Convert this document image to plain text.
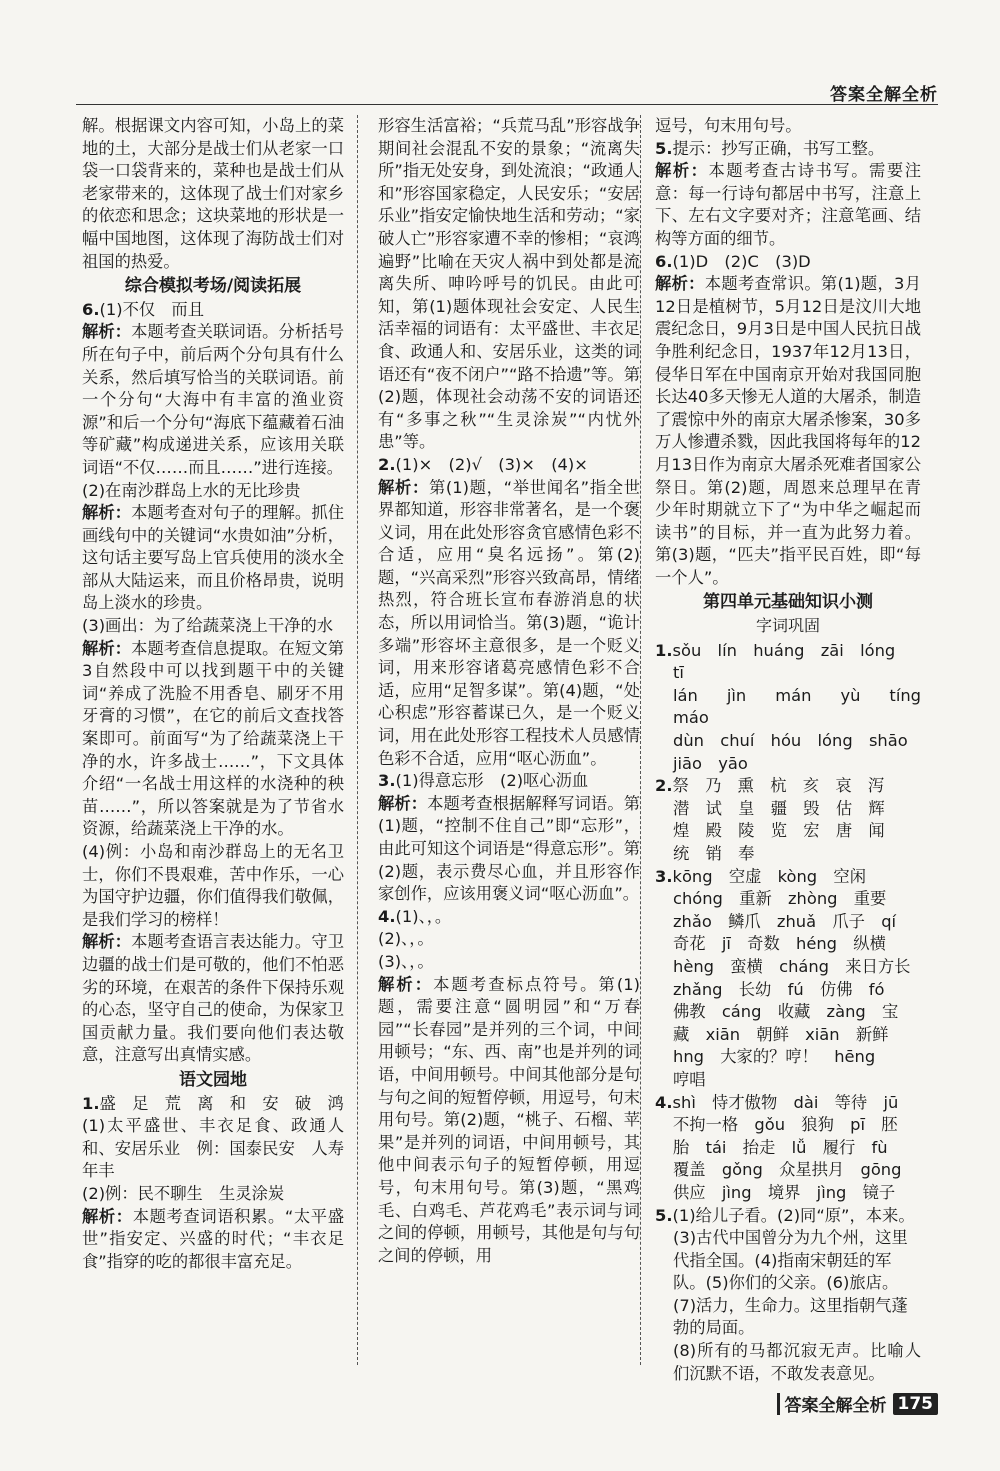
答案全解全析

解。根据课文内容可知，小岛上的菜地的土，大部分是战士们从老家一口袋一口袋背来的，菜种也是战士们从老家带来的，这体现了战士们对家乡的依恋和思念；这块菜地的形状是一幅中国地图，这体现了海防战士们对祖国的热爱。

综合模拟考场/阅读拓展

6.(1)不仅　而且

解析：本题考查关联词语。分析括号所在句子中，前后两个分句具有什么关系，然后填写恰当的关联词语。前一个分句“大海中有丰富的渔业资源”和后一个分句“海底下蕴藏着石油等矿藏”构成递进关系，应该用关联词语“不仅……而且……”进行连接。

(2)在南沙群岛上水的无比珍贵

解析：本题考查对句子的理解。抓住画线句中的关键词“水贵如油”分析，这句话主要写岛上官兵使用的淡水全部从大陆运来，而且价格昂贵，说明岛上淡水的珍贵。

(3)画出：为了给蔬菜浇上干净的水

解析：本题考查信息提取。在短文第3自然段中可以找到题干中的关键词“养成了洗脸不用香皂、刷牙不用牙膏的习惯”，在它的前后文查找答案即可。前面写“为了给蔬菜浇上干净的水，许多战士……”，下文具体介绍“一名战士用这样的水浇种的秧苗……”，所以答案就是为了节省水资源，给蔬菜浇上干净的水。

(4)例：小岛和南沙群岛上的无名卫士，你们不畏艰难，苦中作乐，一心为国守护边疆，你们值得我们敬佩，是我们学习的榜样！

解析：本题考查语言表达能力。守卫边疆的战士们是可敬的，他们不怕恶劣的环境，在艰苦的条件下保持乐观的心态，坚守自己的使命，为保家卫国贡献力量。我们要向他们表达敬意，注意写出真情实感。

语文园地

1.盛　足　荒　离　和　安　破　鸿

(1)太平盛世、丰衣足食、政通人和、安居乐业　例：国泰民安　人寿年丰

(2)例：民不聊生　生灵涂炭

解析：本题考查词语积累。“太平盛世”指安定、兴盛的时代；“丰衣足食”指穿的吃的都很丰富充足。

形容生活富裕；“兵荒马乱”形容战争期间社会混乱不安的景象；“流离失所”指无处安身，到处流浪；“政通人和”形容国家稳定，人民安乐；“安居乐业”指安定愉快地生活和劳动；“家破人亡”形容家遭不幸的惨相；“哀鸿遍野”比喻在天灾人祸中到处都是流离失所、呻吟呼号的饥民。由此可知，第(1)题体现社会安定、人民生活幸福的词语有：太平盛世、丰衣足食、政通人和、安居乐业，这类的词语还有“夜不闭户”“路不拾遗”等。第(2)题，体现社会动荡不安的词语还有“多事之秋”“生灵涂炭”“内忧外患”等。

2.(1)×　(2)√　(3)×　(4)×

解析：第(1)题，“举世闻名”指全世界都知道，形容非常著名，是一个褒义词，用在此处形容贪官感情色彩不合适，应用“臭名远扬”。第(2)题，“兴高采烈”形容兴致高昂，情绪热烈，符合班长宣布春游消息的状态，所以用词恰当。第(3)题，“诡计多端”形容坏主意很多，是一个贬义词，用来形容诸葛亮感情色彩不合适，应用“足智多谋”。第(4)题，“处心积虑”形容蓄谋已久，是一个贬义词，用在此处形容工程技术人员感情色彩不合适，应用“呕心沥血”。

3.(1)得意忘形　(2)呕心沥血

解析：本题考查根据解释写词语。第(1)题，“控制不住自己”即“忘形”，由此可知这个词语是“得意忘形”。第(2)题，表示费尽心血，并且形容作家创作，应该用褒义词“呕心沥血”。

4.(1)、，。

(2)、，。

(3)、，。

解析：本题考查标点符号。第(1)题，需要注意“圆明园”和“万春园”“长春园”是并列的三个词，中间用顿号；“东、西、南”也是并列的词语，中间用顿号。中间其他部分是句与句之间的短暂停顿，用逗号，句末用句号。第(2)题，“桃子、石榴、苹果”是并列的词语，中间用顿号，其他中间表示句子的短暂停顿，用逗号，句末用句号。第(3)题，“黑鸡毛、白鸡毛、芦花鸡毛”表示词与词之间的停顿，用顿号，其他是句与句之间的停顿，用

逗号，句末用句号。

5.提示：抄写正确，书写工整。

解析：本题考查古诗书写。需要注意：每一行诗句都居中书写，注意上下、左右文字要对齐；注意笔画、结构等方面的细节。

6.(1)D　(2)C　(3)D

解析：本题考查常识。第(1)题，3月12日是植树节，5月12日是汶川大地震纪念日，9月3日是中国人民抗日战争胜利纪念日，1937年12月13日，侵华日军在中国南京开始对我国同胞长达40多天惨无人道的大屠杀，制造了震惊中外的南京大屠杀惨案，30多万人惨遭杀戮，因此我国将每年的12月13日作为南京大屠杀死难者国家公祭日。第(2)题，周恩来总理早在青少年时期就立下了“为中华之崛起而读书”的目标，并一直为此努力着。第(3)题，“匹夫”指平民百姓，即“每一个人”。

第四单元基础知识小测
字词巩固

1.sǒu　lín　huáng　zāi　lóng　tī

lán　jìn　mán　yù　tíng　máo

dùn　chuí　hóu　lóng　shāo

jiāo　yāo

2.祭　乃　熏　杭　亥　哀　泻

潜　试　皇　疆　毁　估　辉

煌　殿　陵　览　宏　唐　闻

统　销　奉

3.kōng　空虚　kòng　空闲

chóng　重新　zhòng　重要

zhǎo　鳞爪　zhuǎ　爪子　qí

奇花　jī　奇数　héng　纵横

hèng　蛮横　cháng　来日方长

zhǎng　长幼　fú　仿佛　fó

佛教　cáng　收藏　zàng　宝

藏　xiān　朝鲜　xiān　新鲜

hng　大家的？哼！　hēng

哼唱

4.shì　恃才傲物　dài　等待　jū

不拘一格　gǒu　狼狗　pī　胚

胎　tái　抬走　lǚ　履行　fù

覆盖　gǒng　众星拱月　gōng

供应　jìng　境界　jìng　镜子

5.(1)给儿子看。(2)同“原”，本来。(3)古代中国曾分为九个州，这里代指全国。(4)指南宋朝廷的军队。(5)你们的父亲。(6)旅店。(7)活力，生命力。这里指朝气蓬勃的局面。

(8)所有的马都沉寂无声。比喻人们沉默不语，不敢发表意见。

答案全解全析 175
